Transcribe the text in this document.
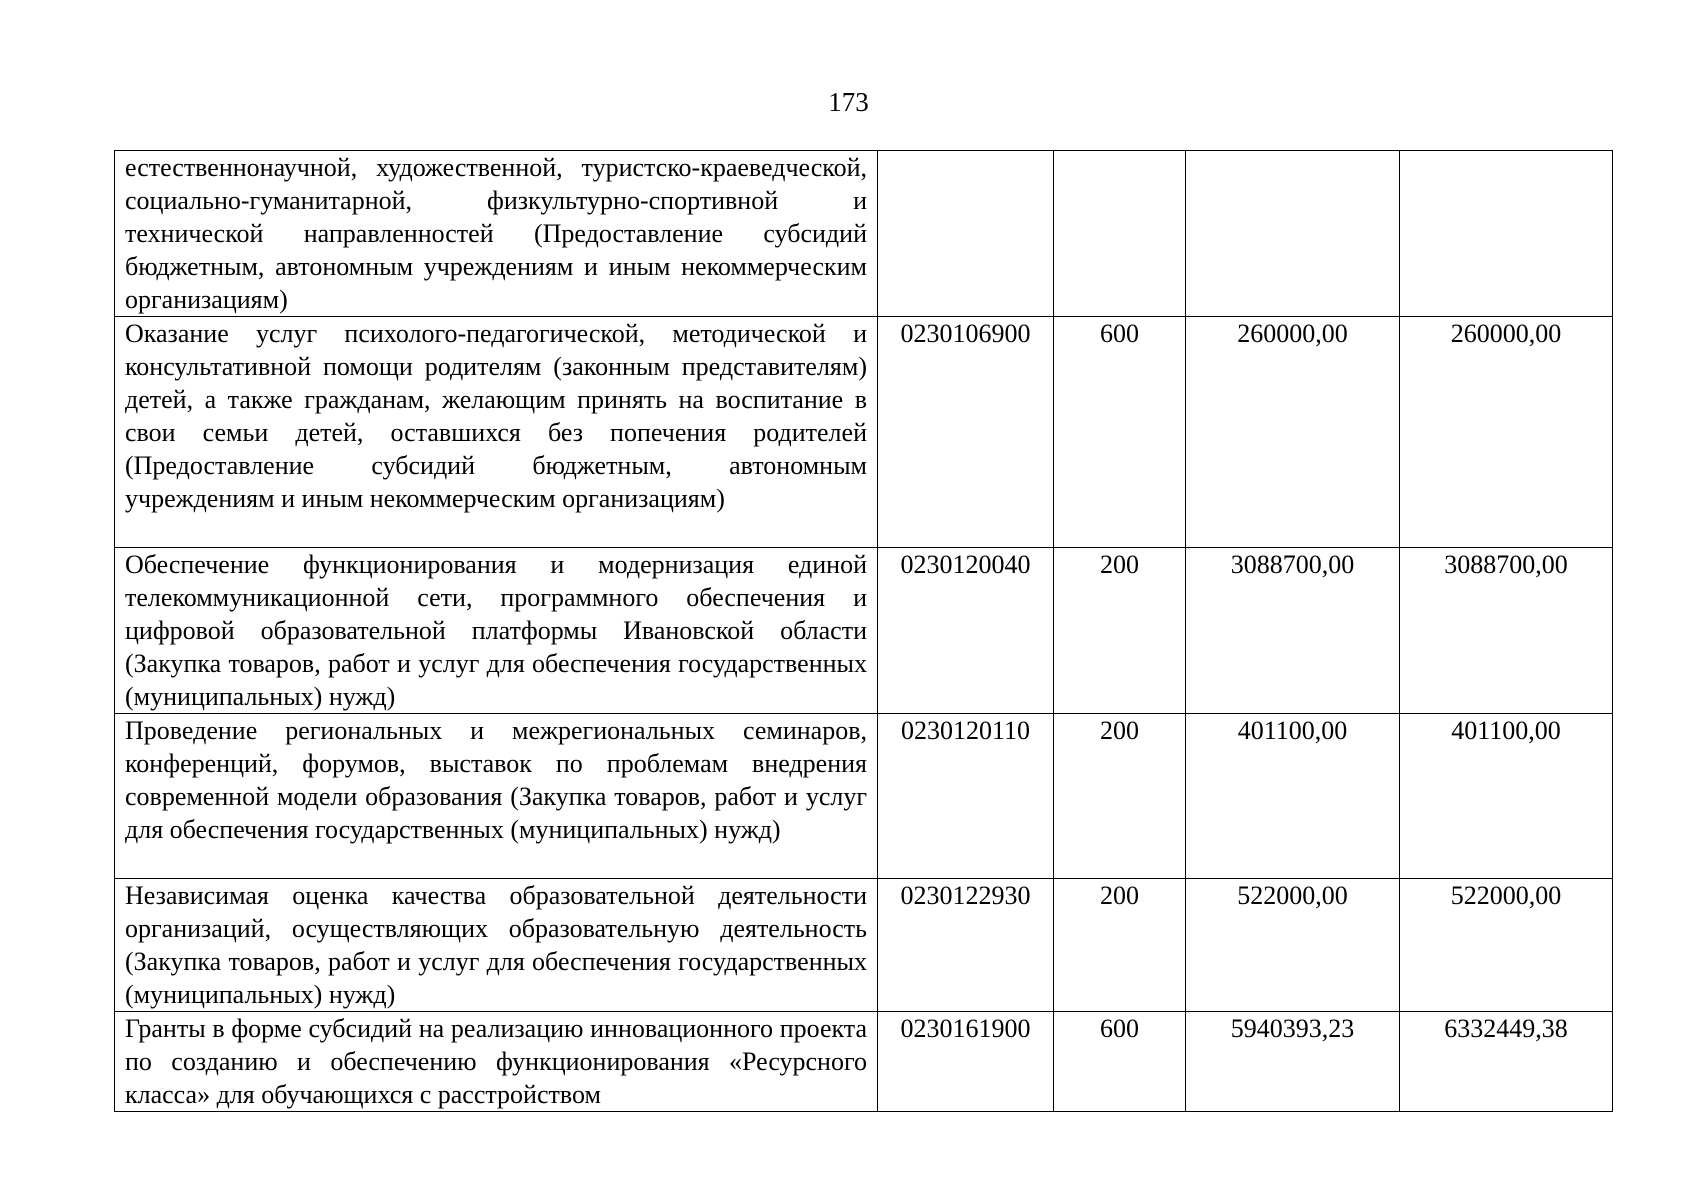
173
естественнонаучной, художественной, туристско-краеведческой, социально-гуманитарной, физкультурно-спортивной и технической направленностей (Предоставление субсидий бюджетным, автономным учреждениям и иным некоммерческим организациям)				
Оказание услуг психолого-педагогической, методической и консультативной помощи родителям (законным представителям) детей, а также гражданам, желающим принять на воспитание в свои семьи детей, оставшихся без попечения родителей (Предоставление субсидий бюджетным, автономным учреждениям и иным некоммерческим организациям)	0230106900	600	260000,00	260000,00
Обеспечение функционирования и модернизация единой телекоммуникационной сети, программного обеспечения и цифровой образовательной платформы Ивановской области (Закупка товаров, работ и услуг для обеспечения государственных (муниципальных) нужд)	0230120040	200	3088700,00	3088700,00
Проведение региональных и межрегиональных семинаров, конференций, форумов, выставок по проблемам внедрения современной модели образования (Закупка товаров, работ и услуг для обеспечения государственных (муниципальных) нужд)	0230120110	200	401100,00	401100,00
Независимая оценка качества образовательной деятельности организаций, осуществляющих образовательную деятельность (Закупка товаров, работ и услуг для обеспечения государственных (муниципальных) нужд)	0230122930	200	522000,00	522000,00
Гранты в форме субсидий на реализацию инновационного проекта по созданию и обеспечению функционирования «Ресурсного класса» для обучающихся с расстройством	0230161900	600	5940393,23	6332449,38
